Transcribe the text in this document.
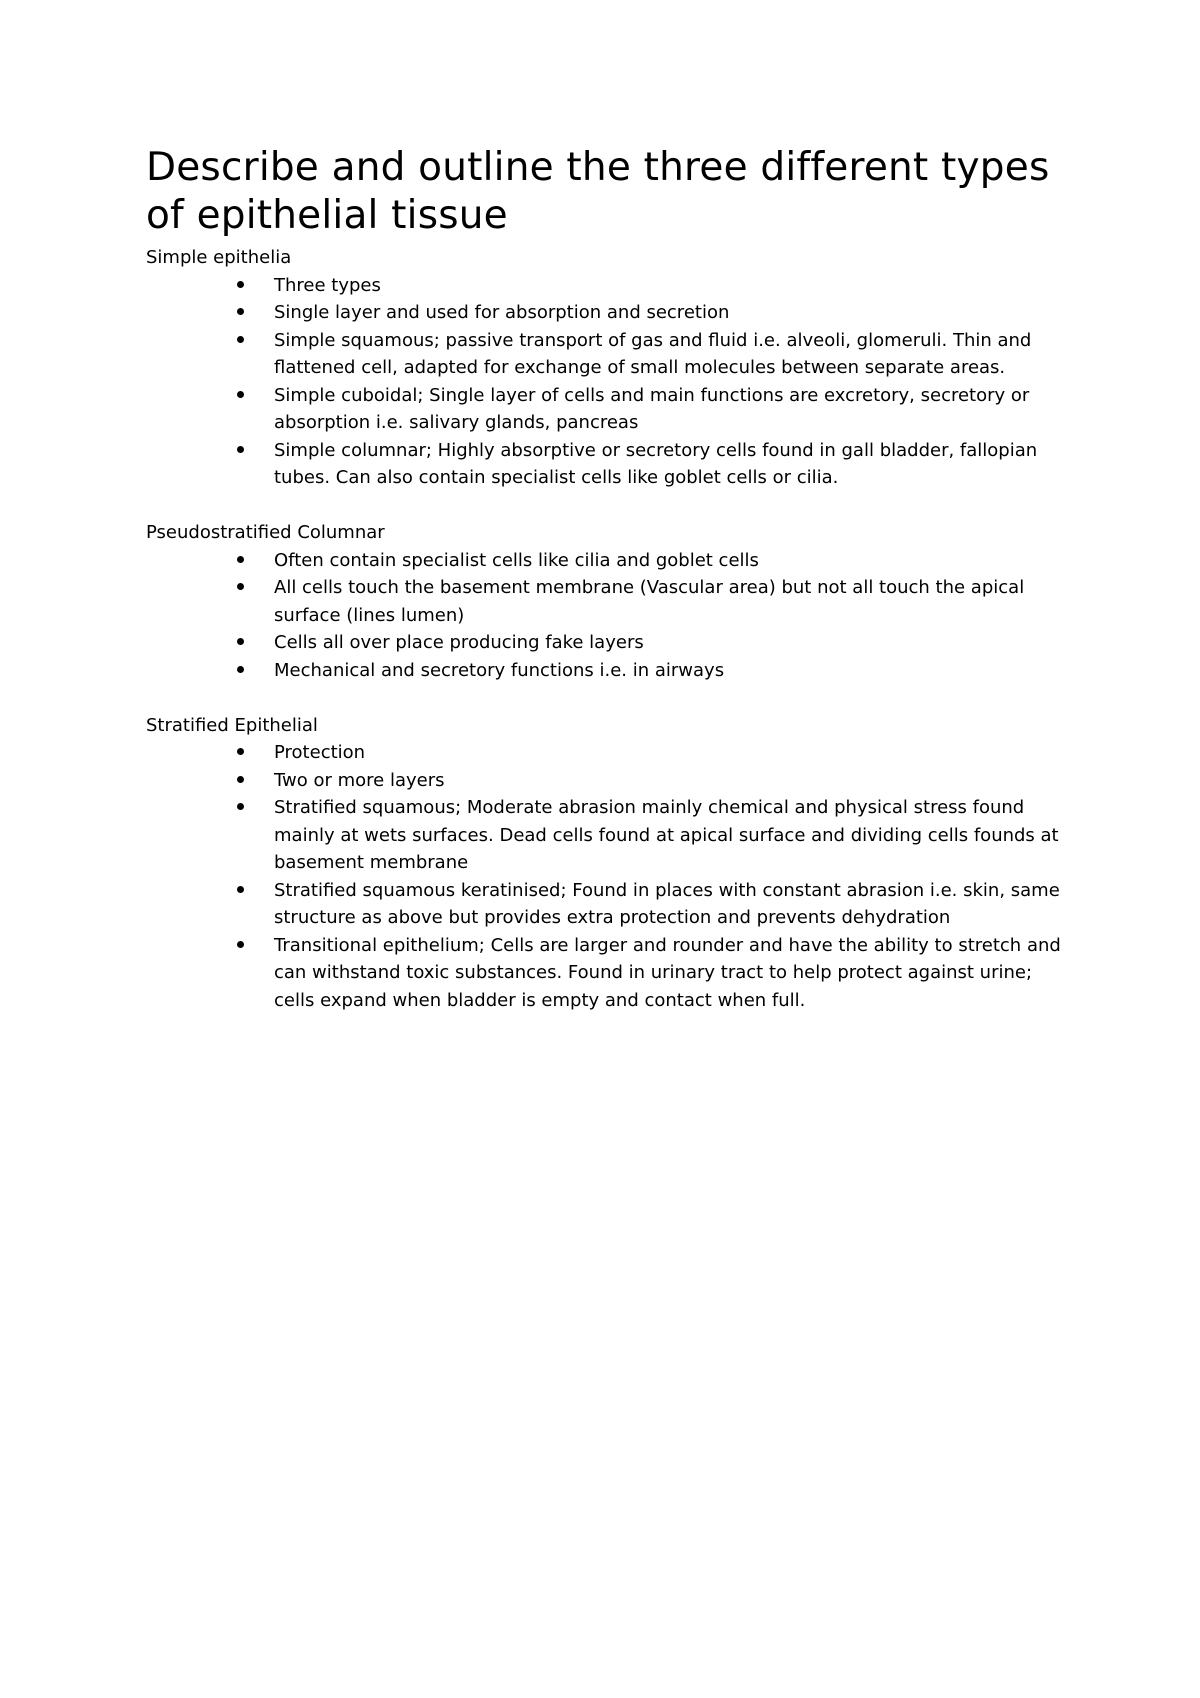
Describe and outline the three different types of epithelial tissue

Simple epithelia

Three types
Single layer and used for absorption and secretion
Simple squamous; passive transport of gas and fluid i.e. alveoli, glomeruli. Thin and flattened cell, adapted for exchange of small molecules between separate areas.
Simple cuboidal; Single layer of cells and main functions are excretory, secretory or absorption i.e. salivary glands, pancreas
Simple columnar; Highly absorptive or secretory cells found in gall bladder, fallopian tubes. Can also contain specialist cells like goblet cells or cilia.

Pseudostratified Columnar

Often contain specialist cells like cilia and goblet cells
All cells touch the basement membrane (Vascular area) but not all touch the apical surface (lines lumen)
Cells all over place producing fake layers
Mechanical and secretory functions i.e. in airways

Stratified Epithelial

Protection
Two or more layers
Stratified squamous; Moderate abrasion mainly chemical and physical stress found mainly at wets surfaces. Dead cells found at apical surface and dividing cells founds at basement membrane
Stratified squamous keratinised; Found in places with constant abrasion i.e. skin, same structure as above but provides extra protection and prevents dehydration
Transitional epithelium; Cells are larger and rounder and have the ability to stretch and can withstand toxic substances. Found in urinary tract to help protect against urine; cells expand when bladder is empty and contact when full.
